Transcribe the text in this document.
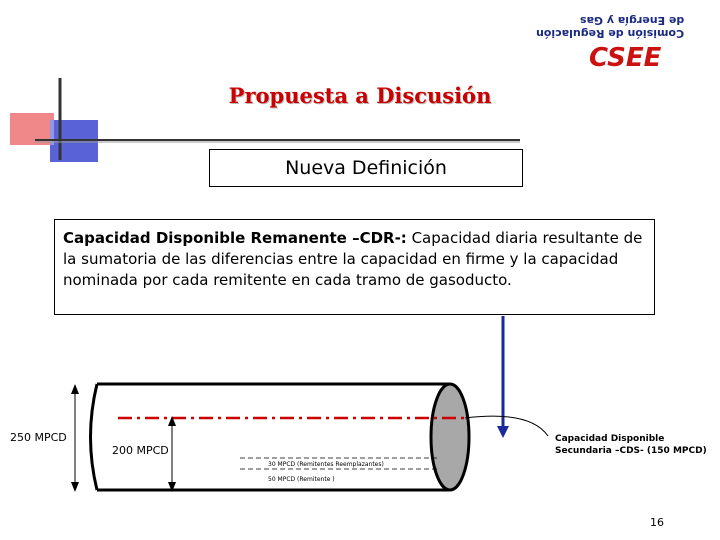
CSEE
de Energía y Gas
Comisión de Regulación
Propuesta a Discusión
Nueva Definición
Capacidad Disponible Remanente –CDR-: Capacidad diaria resultante de la sumatoria de las diferencias entre la capacidad en firme y la capacidad nominada por cada remitente en cada tramo de gasoducto.
250 MPCD
200 MPCD
30 MPCD (Remitentes Reemplazantes)
50 MPCD (Remitente )
Capacidad Disponible Secundaria –CDS- (150 MPCD)
16
